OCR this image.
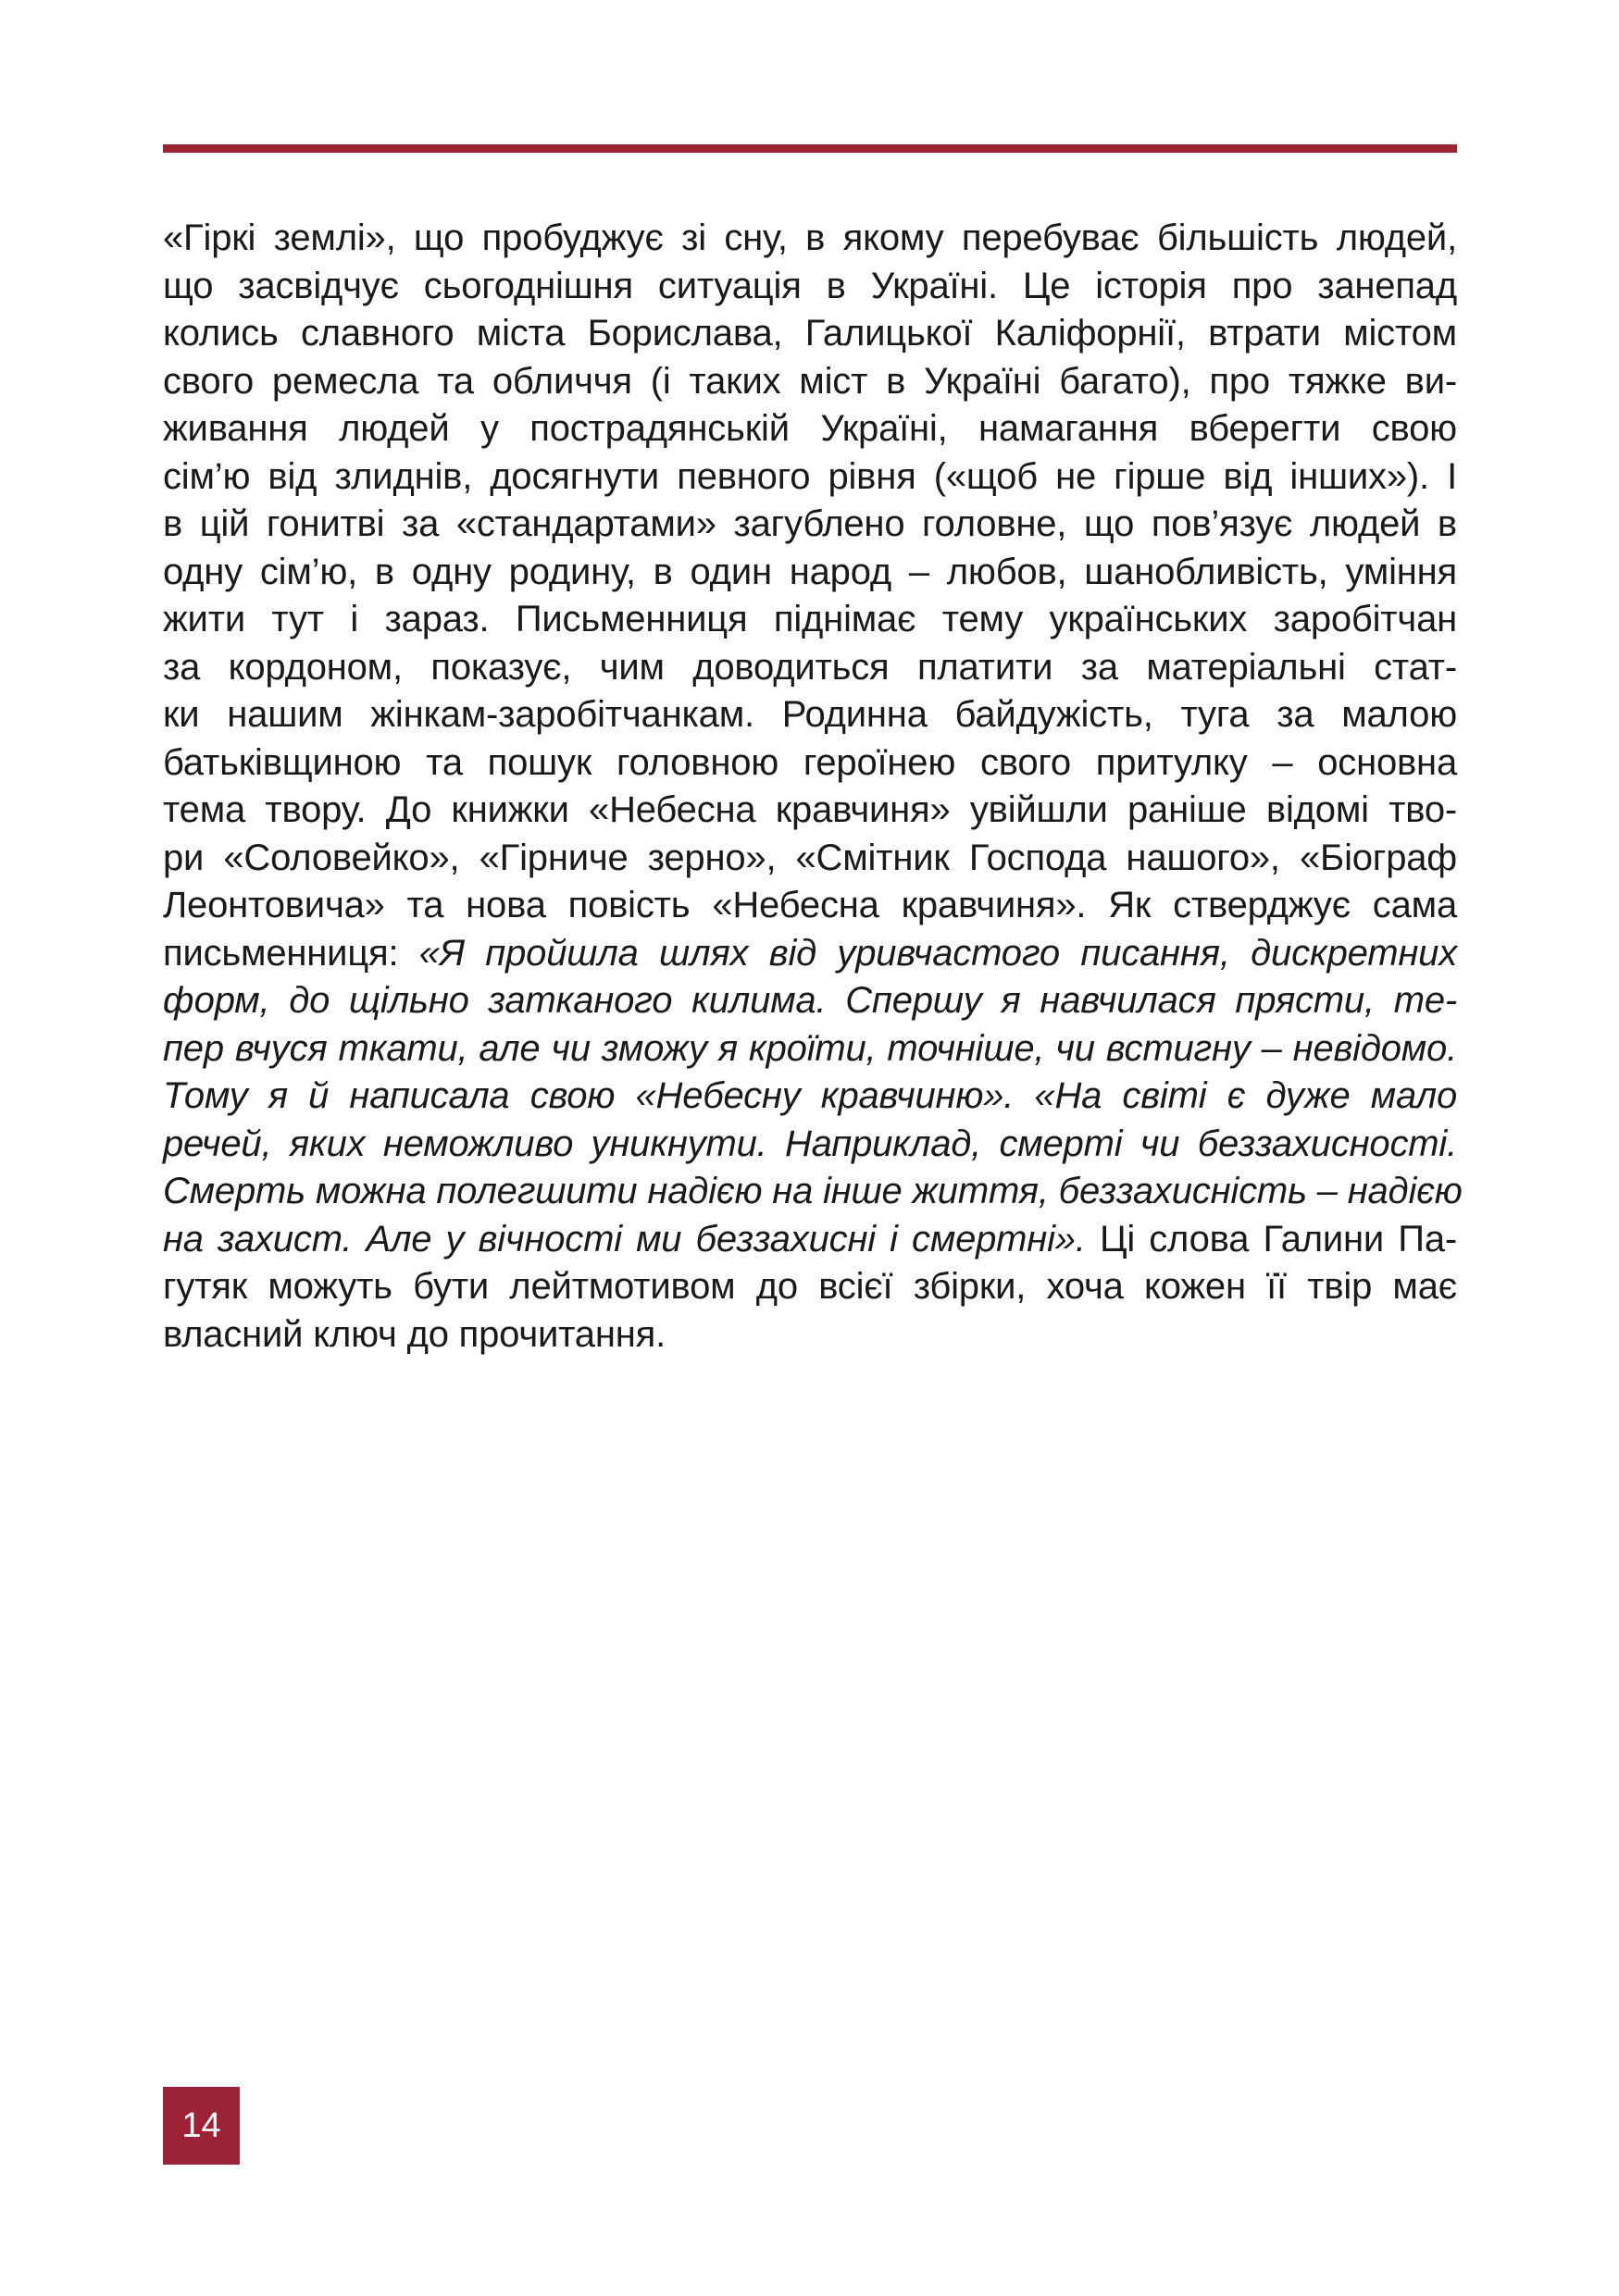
«Гіркі землі», що пробуджує зі сну, в якому перебуває більшість людей,
що засвідчує сьогоднішня ситуація в Україні. Це історія про занепад
колись славного міста Борислава, Галицької Каліфорнії, втрати містом
свого ремесла та обличчя (і таких міст в Україні багато), про тяжке ви-
живання людей у пострадянській Україні, намагання вберегти свою
сім’ю від злиднів, досягнути певного рівня («щоб не гірше від інших»). І
в цій гонитві за «стандартами» загублено головне, що пов’язує людей в
одну сім’ю, в одну родину, в один народ – любов, шанобливість, уміння
жити тут і зараз. Письменниця піднімає тему українських заробітчан
за кордоном, показує, чим доводиться платити за матеріальні стат-
ки нашим жінкам-заробітчанкам. Родинна байдужість, туга за малою
батьківщиною та пошук головною героїнею свого притулку – основна
тема твору. До книжки «Небесна кравчиня» увійшли раніше відомі тво-
ри «Соловейко», «Гірниче зерно», «Смітник Господа нашого», «Біограф
Леонтовича» та нова повість «Небесна кравчиня». Як стверджує сама
письменниця: «Я пройшла шлях від уривчастого писання, дискретних
форм, до щільно затканого килима. Спершу я навчилася прясти, те-
пер вчуся ткати, але чи зможу я кроїти, точніше, чи встигну – невідомо.
Тому я й написала свою «Небесну кравчиню». «На світі є дуже мало
речей, яких неможливо уникнути. Наприклад, смерті чи беззахисності.
Смерть можна полегшити надією на інше життя, беззахисність – надією
на захист. Але у вічності ми беззахисні і смертні». Ці слова Галини Па-
гутяк можуть бути лейтмотивом до всієї збірки, хоча кожен її твір має
власний ключ до прочитання.
14
